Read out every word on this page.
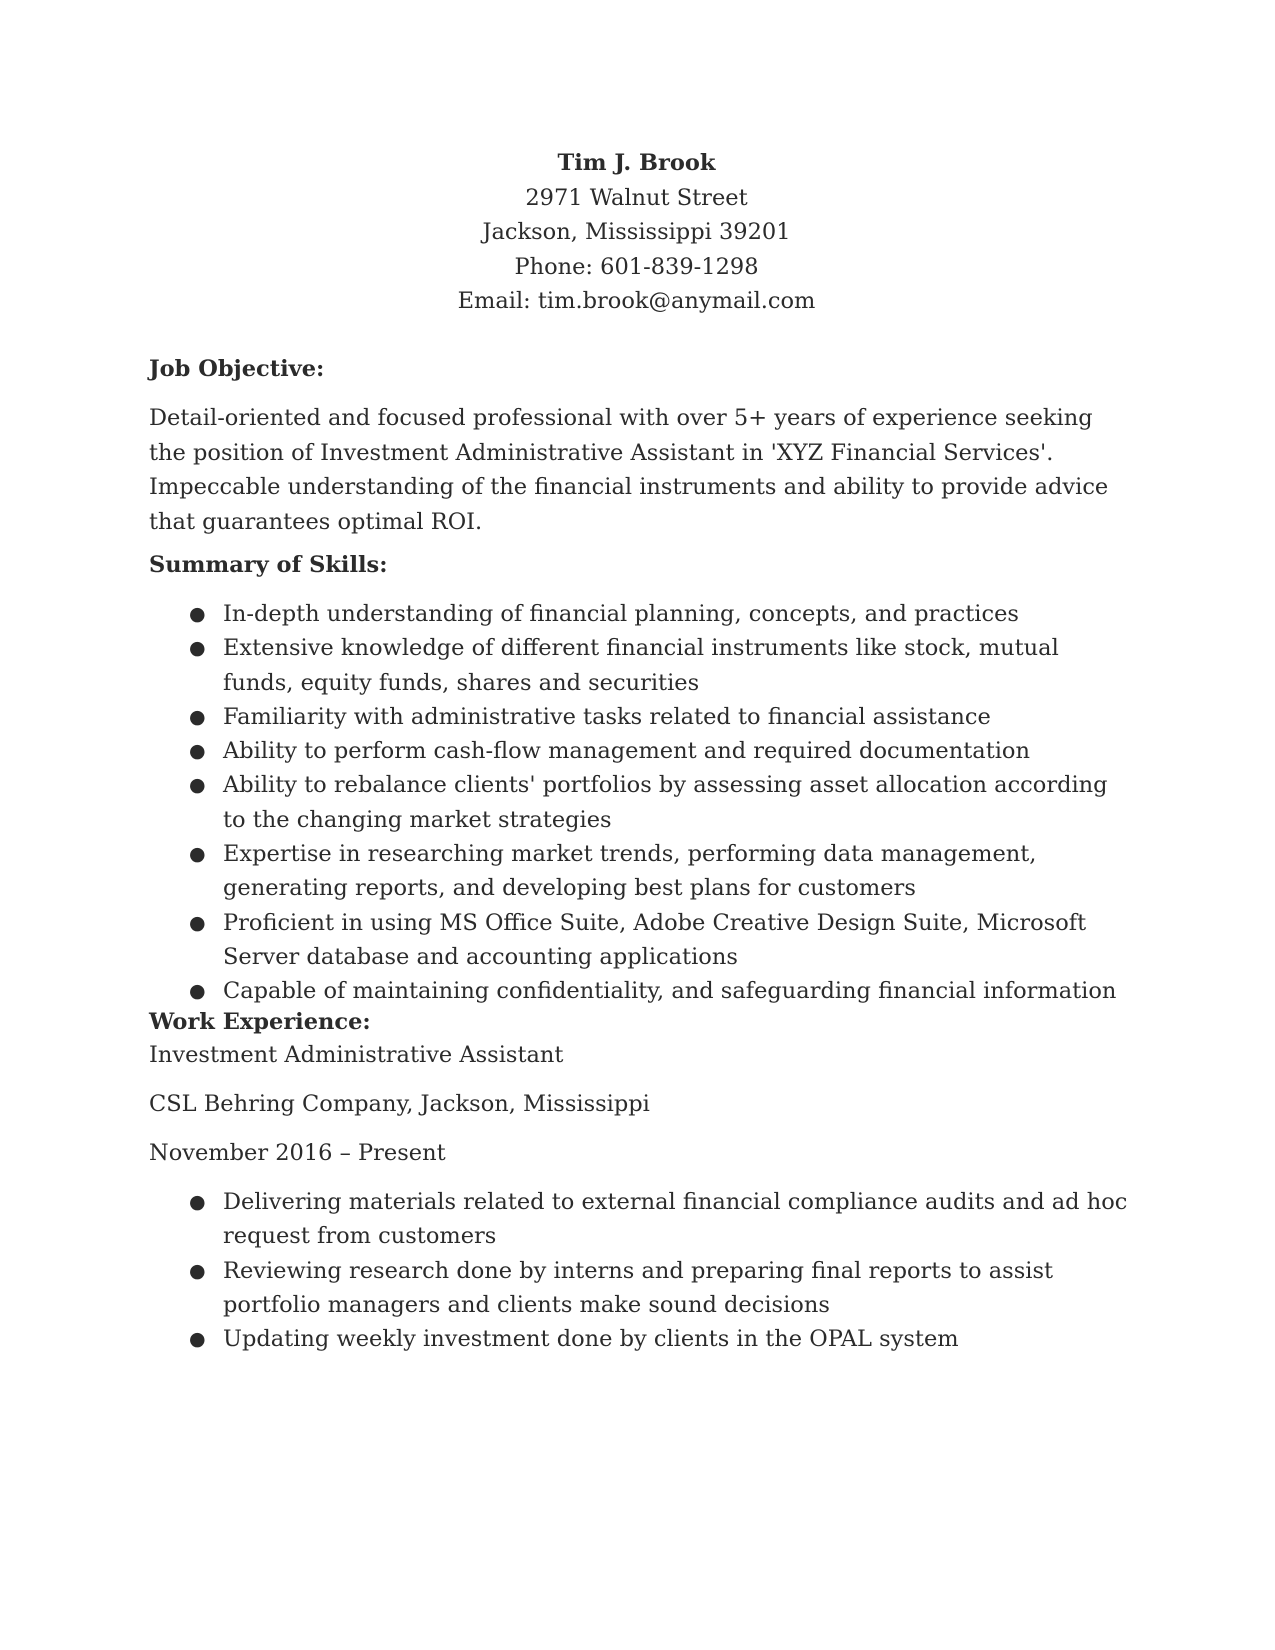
Tim J. Brook
2971 Walnut Street
Jackson, Mississippi 39201
Phone: 601-839-1298
Email: tim.brook@anymail.com
Job Objective:
Detail-oriented and focused professional with over 5+ years of experience seeking the position of Investment Administrative Assistant in 'XYZ Financial Services'. Impeccable understanding of the financial instruments and ability to provide advice that guarantees optimal ROI.
Summary of Skills:
● In-depth understanding of financial planning, concepts, and practices
● Extensive knowledge of different financial instruments like stock, mutual funds, equity funds, shares and securities
● Familiarity with administrative tasks related to financial assistance
● Ability to perform cash-flow management and required documentation
● Ability to rebalance clients' portfolios by assessing asset allocation according to the changing market strategies
● Expertise in researching market trends, performing data management, generating reports, and developing best plans for customers
● Proficient in using MS Office Suite, Adobe Creative Design Suite, Microsoft Server database and accounting applications
● Capable of maintaining confidentiality, and safeguarding financial information
Work Experience:
Investment Administrative Assistant
CSL Behring Company, Jackson, Mississippi
November 2016 – Present
● Delivering materials related to external financial compliance audits and ad hoc request from customers
● Reviewing research done by interns and preparing final reports to assist portfolio managers and clients make sound decisions
● Updating weekly investment done by clients in the OPAL system
